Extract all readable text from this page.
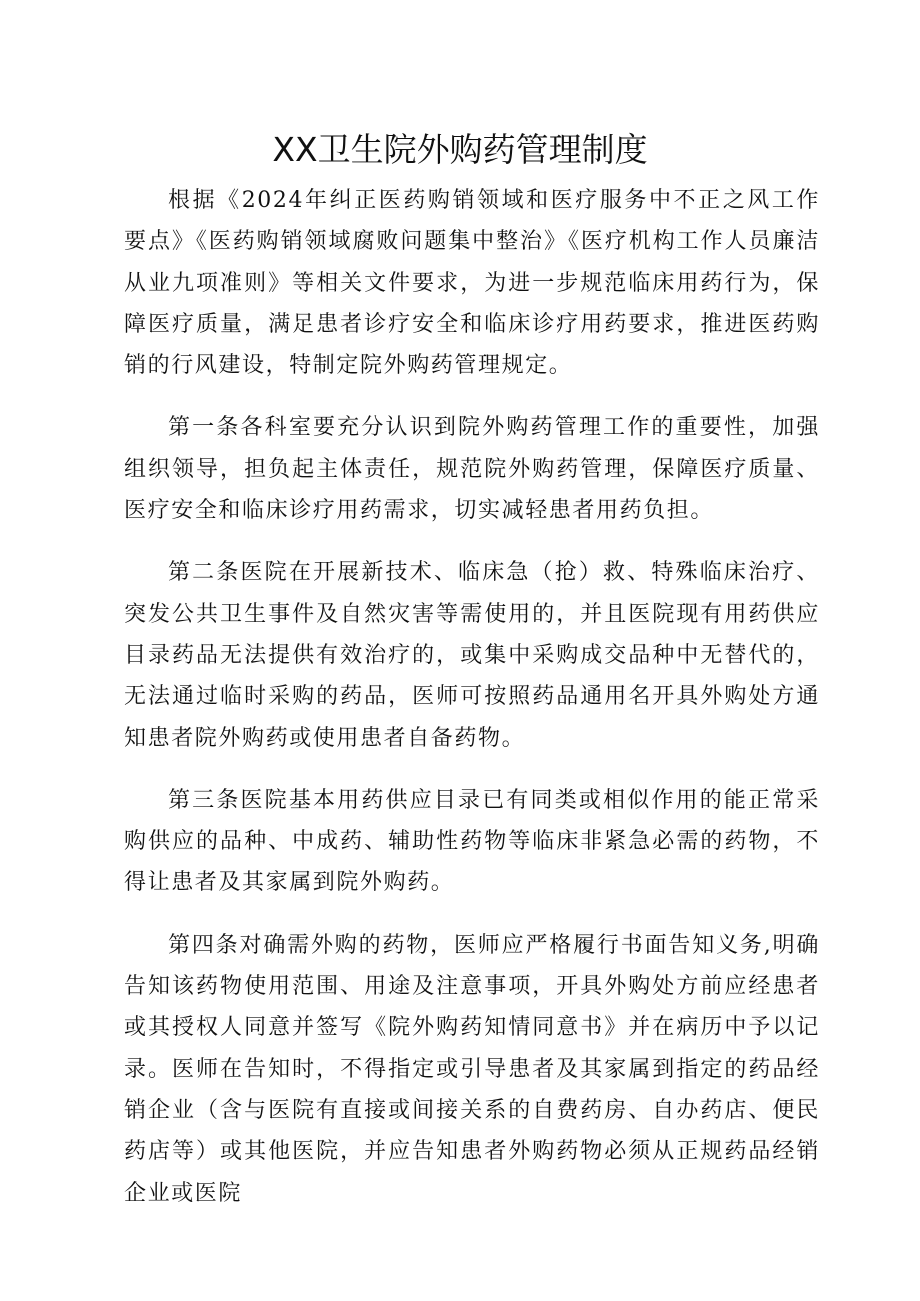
XX卫生院外购药管理制度

根据《2024年纠正医药购销领域和医疗服务中不正之风工作要点》《医药购销领域腐败问题集中整治》《医疗机构工作人员廉洁从业九项准则》等相关文件要求，为进一步规范临床用药行为，保障医疗质量，满足患者诊疗安全和临床诊疗用药要求，推进医药购销的行风建设，特制定院外购药管理规定。

第一条各科室要充分认识到院外购药管理工作的重要性，加强组织领导，担负起主体责任，规范院外购药管理，保障医疗质量、医疗安全和临床诊疗用药需求，切实减轻患者用药负担。

第二条医院在开展新技术、临床急（抢）救、特殊临床治疗、突发公共卫生事件及自然灾害等需使用的，并且医院现有用药供应目录药品无法提供有效治疗的，或集中采购成交品种中无替代的，无法通过临时采购的药品，医师可按照药品通用名开具外购处方通知患者院外购药或使用患者自备药物。

第三条医院基本用药供应目录已有同类或相似作用的能正常采购供应的品种、中成药、辅助性药物等临床非紧急必需的药物，不得让患者及其家属到院外购药。

第四条对确需外购的药物，医师应严格履行书面告知义务,明确告知该药物使用范围、用途及注意事项，开具外购处方前应经患者或其授权人同意并签写《院外购药知情同意书》并在病历中予以记录。医师在告知时，不得指定或引导患者及其家属到指定的药品经销企业（含与医院有直接或间接关系的自费药房、自办药店、便民药店等）或其他医院，并应告知患者外购药物必须从正规药品经销企业或医院
